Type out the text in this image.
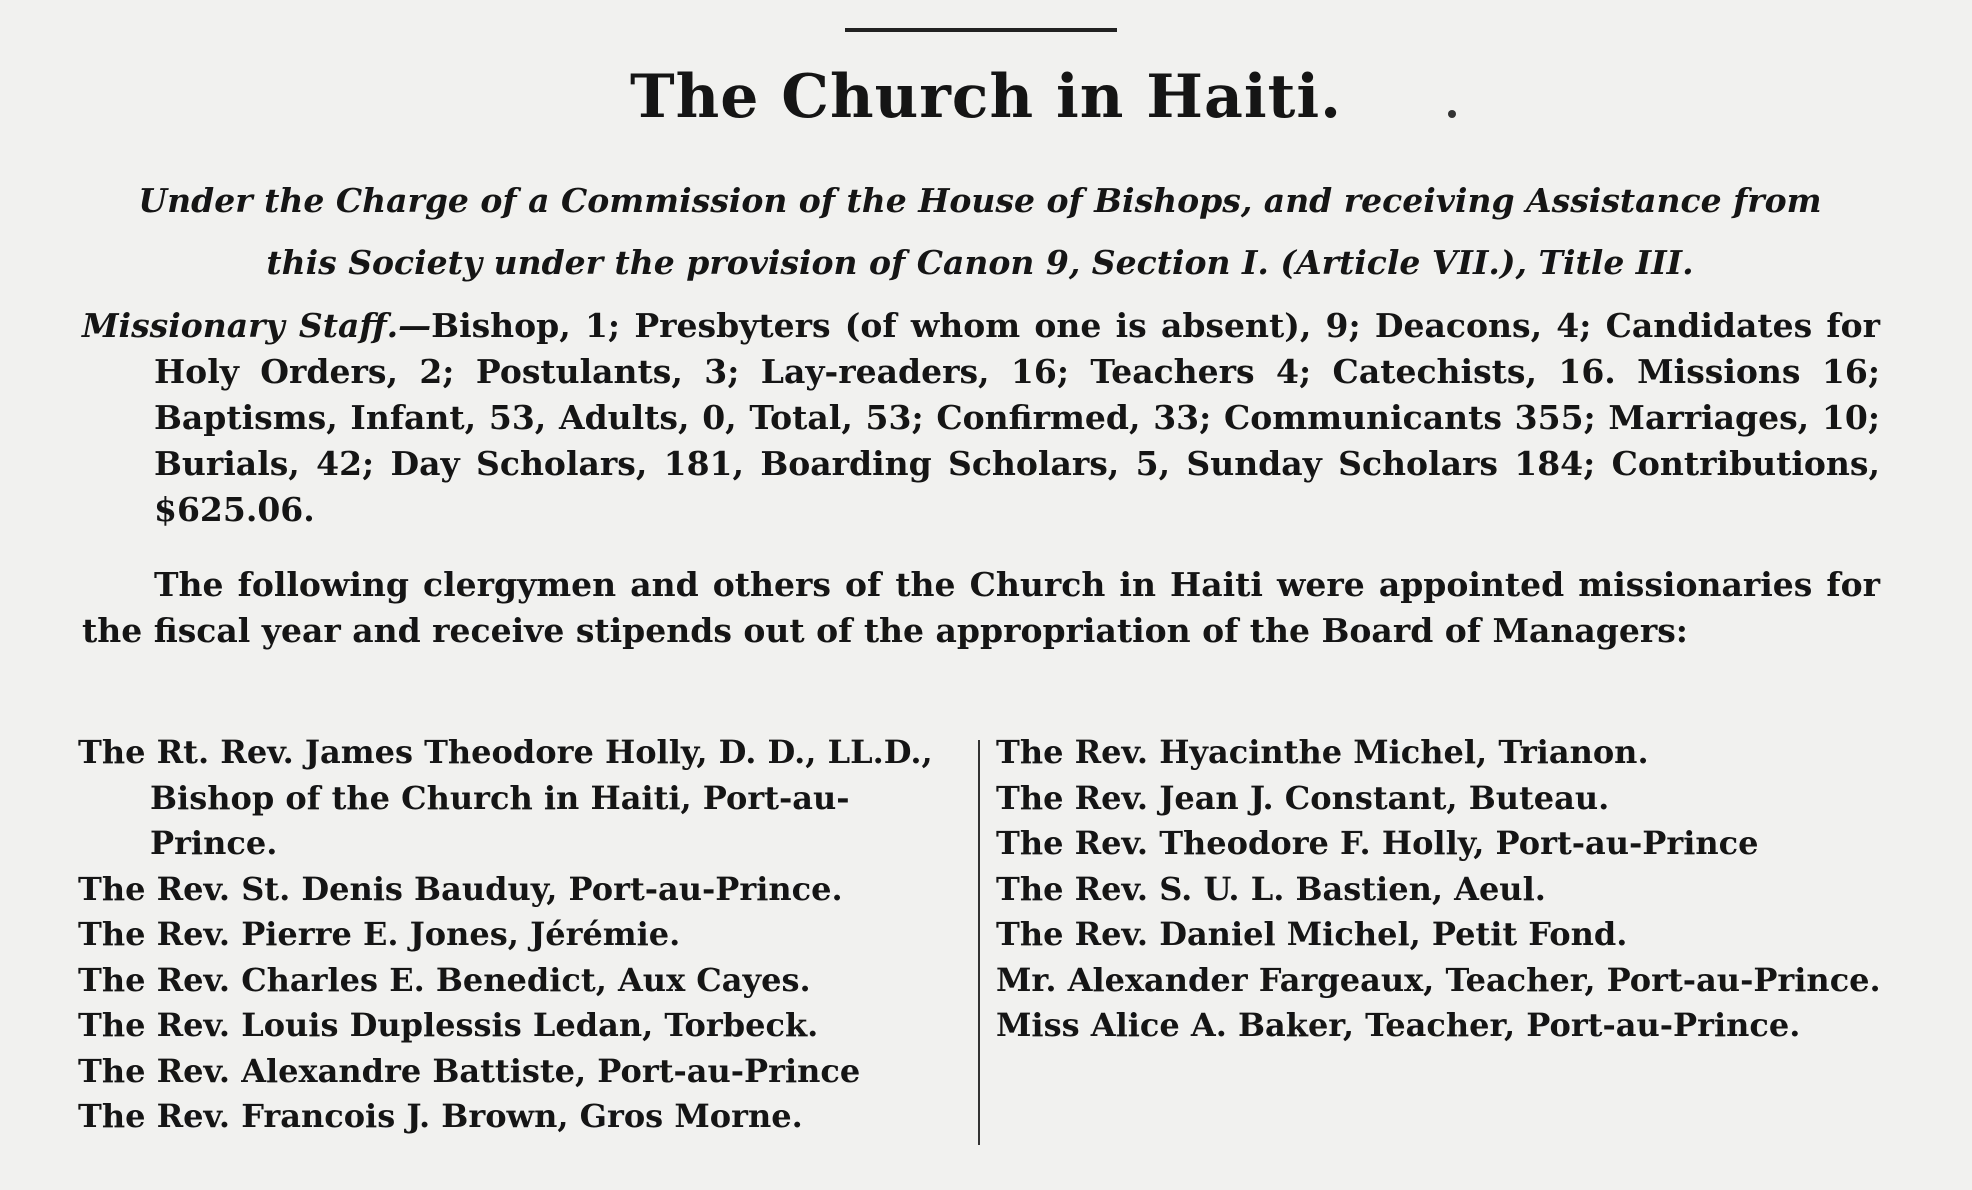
The Church in Haiti.
Under the Charge of a Commission of the House of Bishops, and receiving Assistance from
this Society under the provision of Canon 9, Section I. (Article VII.), Title III.
Missionary Staff.—Bishop, 1; Presbyters (of whom one is absent), 9; Deacons, 4; Candidates for Holy Orders, 2; Postulants, 3; Lay-readers, 16; Teachers 4; Catechists, 16. Missions 16; Baptisms, Infant, 53, Adults, 0, Total, 53; Confirmed, 33; Communicants 355; Marriages, 10; Burials, 42; Day Scholars, 181, Boarding Scholars, 5, Sunday Scholars 184; Contributions, $625.06.
The following clergymen and others of the Church in Haiti were appointed missionaries for the fiscal year and receive stipends out of the appropriation of the Board of Managers:
The Rt. Rev. James Theodore Holly, D. D., LL.D., Bishop of the Church in Haiti, Port-au-Prince.
The Rev. St. Denis Bauduy, Port-au-Prince.
The Rev. Pierre E. Jones, Jérémie.
The Rev. Charles E. Benedict, Aux Cayes.
The Rev. Louis Duplessis Ledan, Torbeck.
The Rev. Alexandre Battiste, Port-au-Prince
The Rev. Francois J. Brown, Gros Morne.
The Rev. Hyacinthe Michel, Trianon.
The Rev. Jean J. Constant, Buteau.
The Rev. Theodore F. Holly, Port-au-Prince
The Rev. S. U. L. Bastien, Aeul.
The Rev. Daniel Michel, Petit Fond.
Mr. Alexander Fargeaux, Teacher, Port-au-Prince.
Miss Alice A. Baker, Teacher, Port-au-Prince.
